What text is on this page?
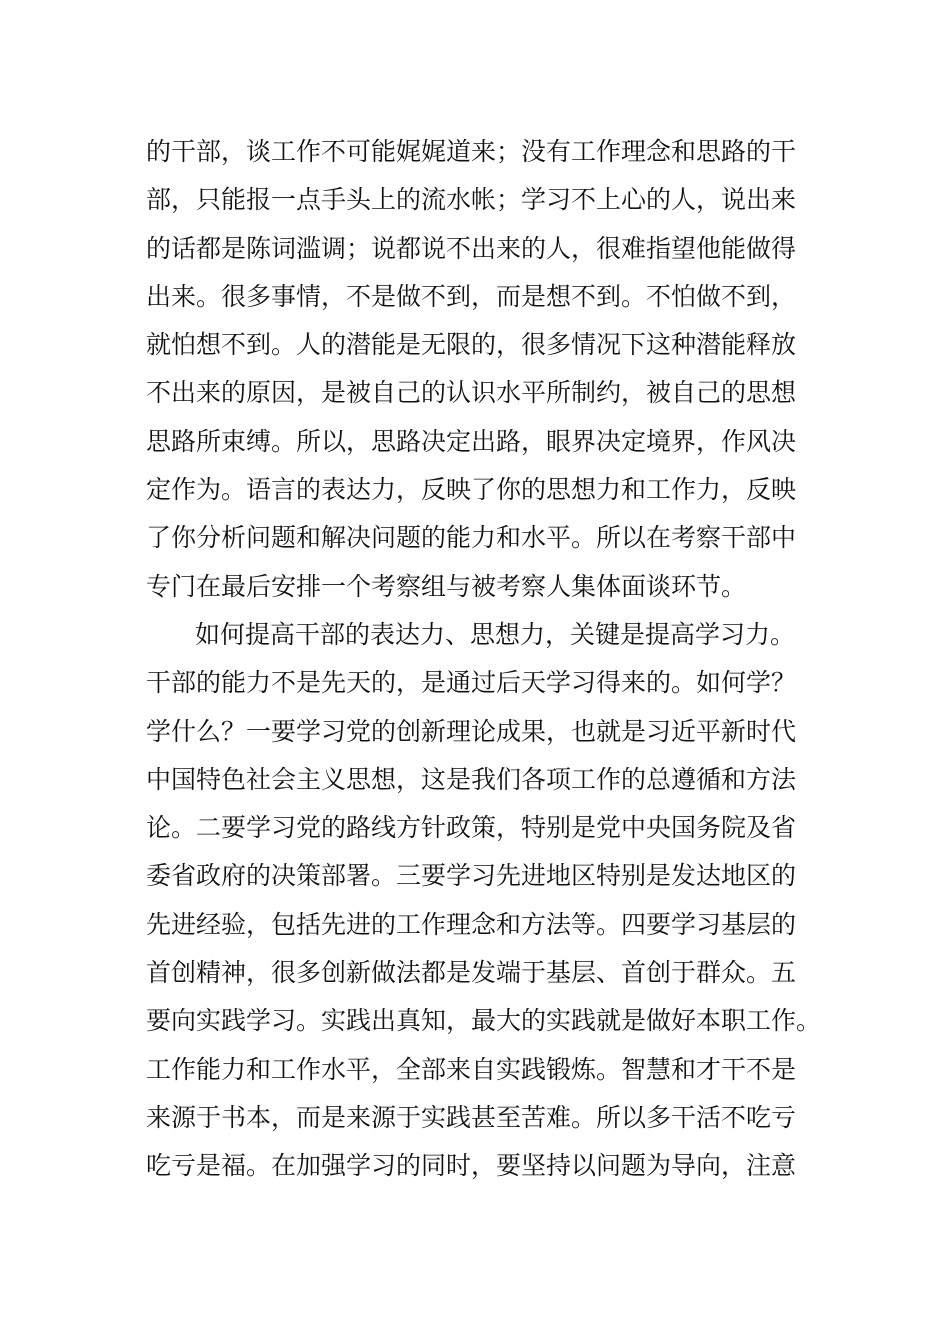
的干部，谈工作不可能娓娓道来；没有工作理念和思路的干
部，只能报一点手头上的流水帐；学习不上心的人，说出来
的话都是陈词滥调；说都说不出来的人，很难指望他能做得
出来。很多事情，不是做不到，而是想不到。不怕做不到，
就怕想不到。人的潜能是无限的，很多情况下这种潜能释放
不出来的原因，是被自己的认识水平所制约，被自己的思想
思路所束缚。所以，思路决定出路，眼界决定境界，作风决
定作为。语言的表达力，反映了你的思想力和工作力，反映
了你分析问题和解决问题的能力和水平。所以在考察干部中
专门在最后安排一个考察组与被考察人集体面谈环节。
如何提高干部的表达力、思想力，关键是提高学习力。
干部的能力不是先天的，是通过后天学习得来的。如何学？
学什么？一要学习党的创新理论成果，也就是习近平新时代
中国特色社会主义思想，这是我们各项工作的总遵循和方法
论。二要学习党的路线方针政策，特别是党中央国务院及省
委省政府的决策部署。三要学习先进地区特别是发达地区的
先进经验，包括先进的工作理念和方法等。四要学习基层的
首创精神，很多创新做法都是发端于基层、首创于群众。五
要向实践学习。实践出真知，最大的实践就是做好本职工作。
工作能力和工作水平，全部来自实践锻炼。智慧和才干不是
来源于书本，而是来源于实践甚至苦难。所以多干活不吃亏
吃亏是福。在加强学习的同时，要坚持以问题为导向，注意
